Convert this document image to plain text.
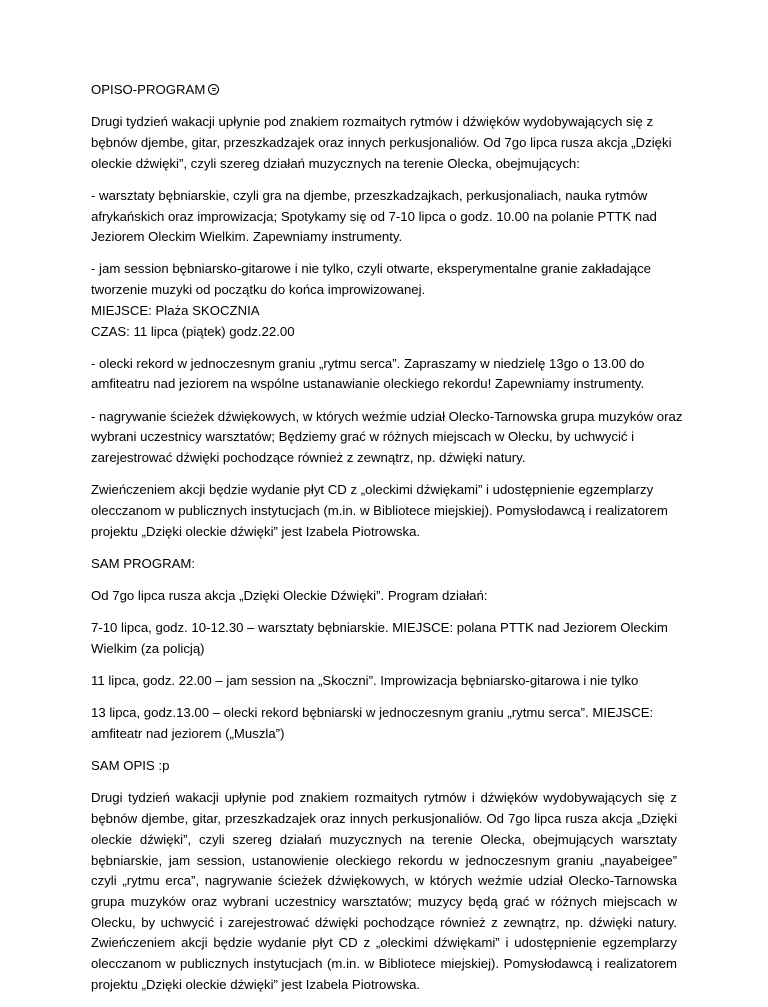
OPISO-PROGRAM

Drugi tydzień wakacji upłynie pod znakiem rozmaitych rytmów i dźwięków wydobywających się z
bębnów djembe, gitar, przeszkadzajek oraz innych perkusjonaliów. Od 7go lipca rusza akcja „Dzięki
oleckie dźwięki”, czyli szereg działań muzycznych na terenie Olecka, obejmujących:

- warsztaty bębniarskie, czyli gra na djembe, przeszkadzajkach, perkusjonaliach, nauka rytmów
afrykańskich oraz improwizacja; Spotykamy się od 7-10 lipca o godz. 10.00 na polanie PTTK nad
Jeziorem Oleckim Wielkim. Zapewniamy instrumenty.

- jam session bębniarsko-gitarowe i nie tylko, czyli otwarte, eksperymentalne granie zakładające
tworzenie muzyki od początku do końca improwizowanej.
MIEJSCE: Plaża SKOCZNIA
CZAS: 11 lipca (piątek) godz.22.00

- olecki rekord w jednoczesnym graniu „rytmu serca”. Zapraszamy w niedzielę 13go o 13.00 do
amfiteatru nad jeziorem na wspólne ustanawianie oleckiego rekordu! Zapewniamy instrumenty.

- nagrywanie ścieżek dźwiękowych, w których weźmie udział Olecko-Tarnowska grupa muzyków oraz
wybrani uczestnicy warsztatów; Będziemy grać w różnych miejscach w Olecku, by uchwycić i
zarejestrować dźwięki pochodzące również z zewnątrz, np. dźwięki natury.

Zwieńczeniem akcji będzie wydanie płyt CD z „oleckimi dźwiękami” i udostępnienie egzemplarzy
olecczanom w publicznych instytucjach (m.in. w Bibliotece miejskiej). Pomysłodawcą i realizatorem
projektu „Dzięki oleckie dźwięki” jest Izabela Piotrowska.

SAM PROGRAM:

Od 7go lipca rusza akcja „Dzięki Oleckie Dźwięki”. Program działań:

7-10 lipca, godz. 10-12.30 – warsztaty bębniarskie. MIEJSCE: polana PTTK nad Jeziorem Oleckim
Wielkim (za policją)

11 lipca, godz. 22.00 – jam session na „Skoczni”. Improwizacja bębniarsko-gitarowa i nie tylko

13 lipca, godz.13.00 – olecki rekord bębniarski w jednoczesnym graniu „rytmu serca”. MIEJSCE:
amfiteatr nad jeziorem („Muszla”)

SAM OPIS :p

Drugi tydzień wakacji upłynie pod znakiem rozmaitych rytmów i dźwięków wydobywających się z bębnów djembe, gitar, przeszkadzajek oraz innych perkusjonaliów. Od 7go lipca rusza akcja „Dzięki oleckie dźwięki”, czyli szereg działań muzycznych na terenie Olecka, obejmujących warsztaty bębniarskie, jam session, ustanowienie oleckiego rekordu w jednoczesnym graniu „nayabeigee” czyli „rytmu erca”, nagrywanie ścieżek dźwiękowych, w których weźmie udział Olecko-Tarnowska grupa muzyków oraz wybrani uczestnicy warsztatów; muzycy będą grać w różnych miejscach w Olecku, by uchwycić i zarejestrować dźwięki pochodzące również z zewnątrz, np. dźwięki natury. Zwieńczeniem akcji będzie wydanie płyt CD z „oleckimi dźwiękami” i udostępnienie egzemplarzy olecczanom w publicznych instytucjach (m.in. w Bibliotece miejskiej). Pomysłodawcą i realizatorem projektu „Dzięki oleckie dźwięki” jest Izabela Piotrowska.
